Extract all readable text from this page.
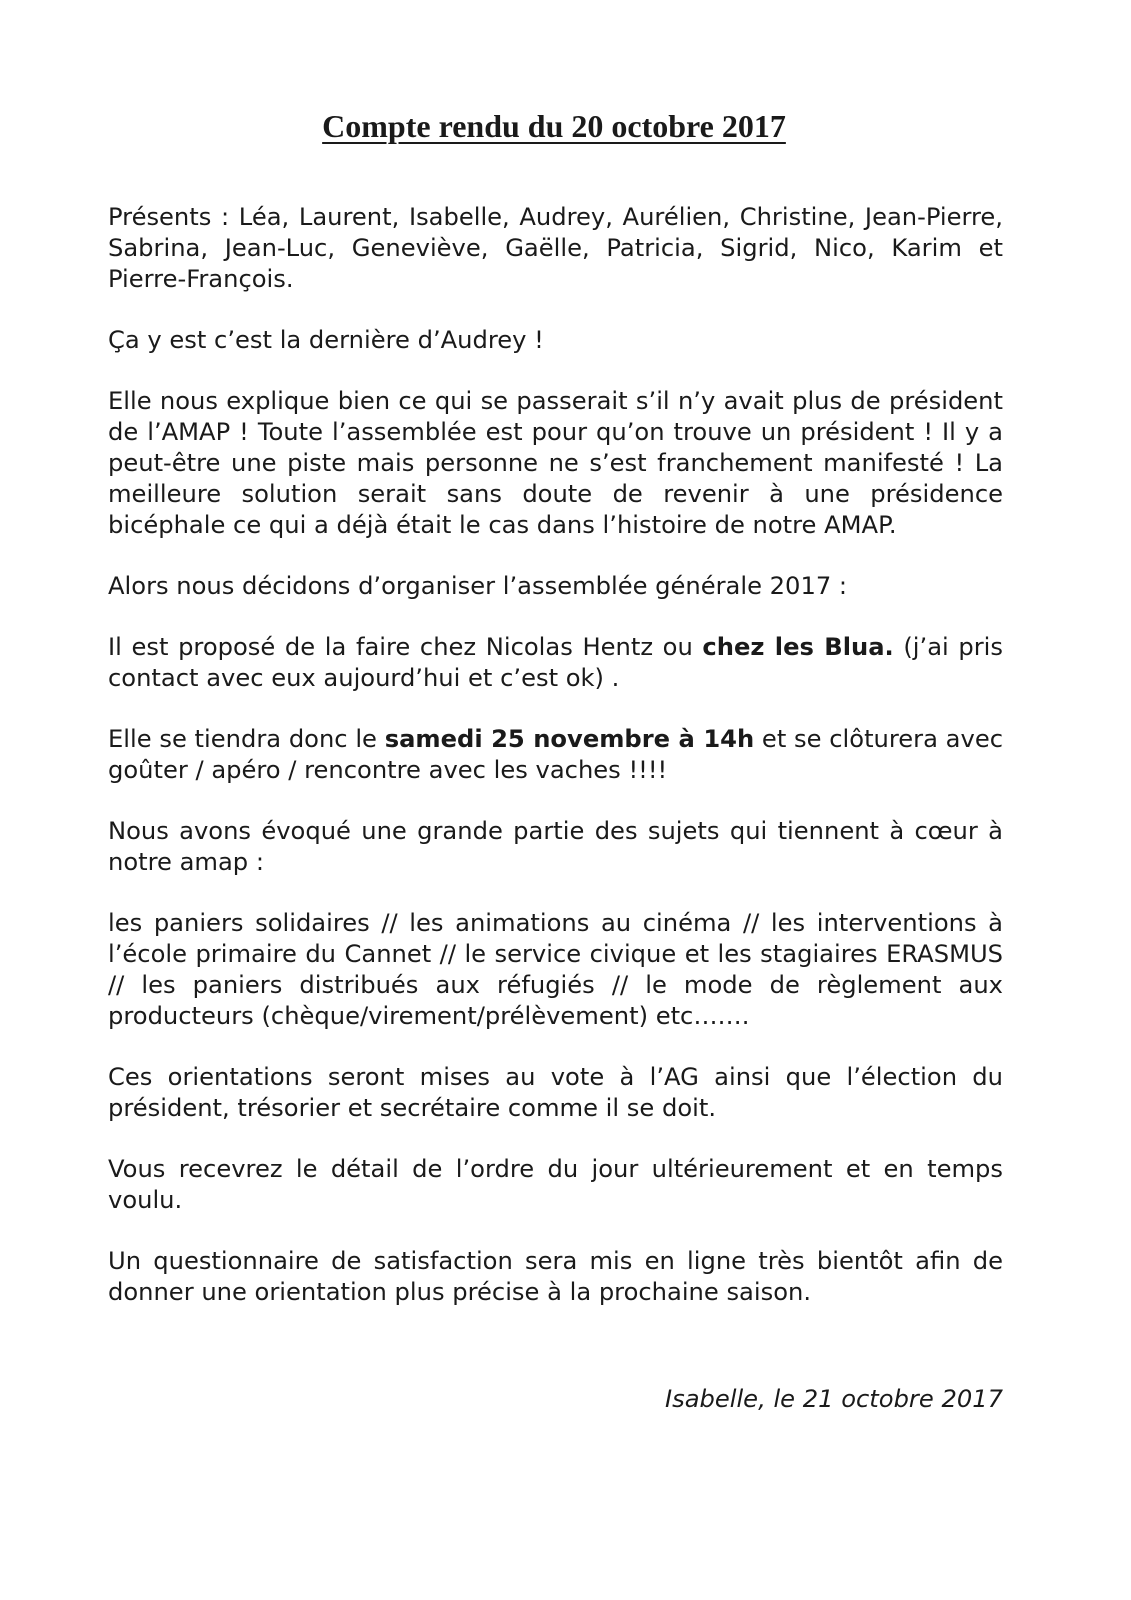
Compte rendu du 20 octobre 2017

Présents : Léa, Laurent, Isabelle, Audrey, Aurélien, Christine, Jean-Pierre, Sabrina, Jean-Luc, Geneviève, Gaëlle, Patricia, Sigrid, Nico, Karim et Pierre-François.

Ça y est c’est la dernière d’Audrey !

Elle nous explique bien ce qui se passerait s’il n’y avait plus de président de l’AMAP ! Toute l’assemblée est pour qu’on trouve un président ! Il y a peut-être une piste mais personne ne s’est franchement manifesté ! La meilleure solution serait sans doute de revenir à une présidence bicéphale ce qui a déjà était le cas dans l’histoire de notre AMAP.

Alors nous décidons d’organiser l’assemblée générale 2017 :

Il est proposé de la faire chez Nicolas Hentz ou chez les Blua. (j’ai pris contact avec eux aujourd’hui et c’est ok) .

Elle se tiendra donc le samedi 25 novembre à 14h et se clôturera avec goûter / apéro / rencontre avec les vaches !!!!

Nous avons évoqué une grande partie des sujets qui tiennent à cœur à notre amap :

les paniers solidaires // les animations au cinéma // les interventions à l’école primaire du Cannet // le service civique et les stagiaires ERASMUS // les paniers distribués aux réfugiés // le mode de règlement aux producteurs (chèque/virement/prélèvement) etc…….

Ces orientations seront mises au vote à l’AG ainsi que l’élection du président, trésorier et secrétaire comme il se doit.

Vous recevrez le détail de l’ordre du jour ultérieurement et en temps voulu.

Un questionnaire de satisfaction sera mis en ligne très bientôt afin de donner une orientation plus précise à la prochaine saison.

Isabelle, le 21 octobre 2017
